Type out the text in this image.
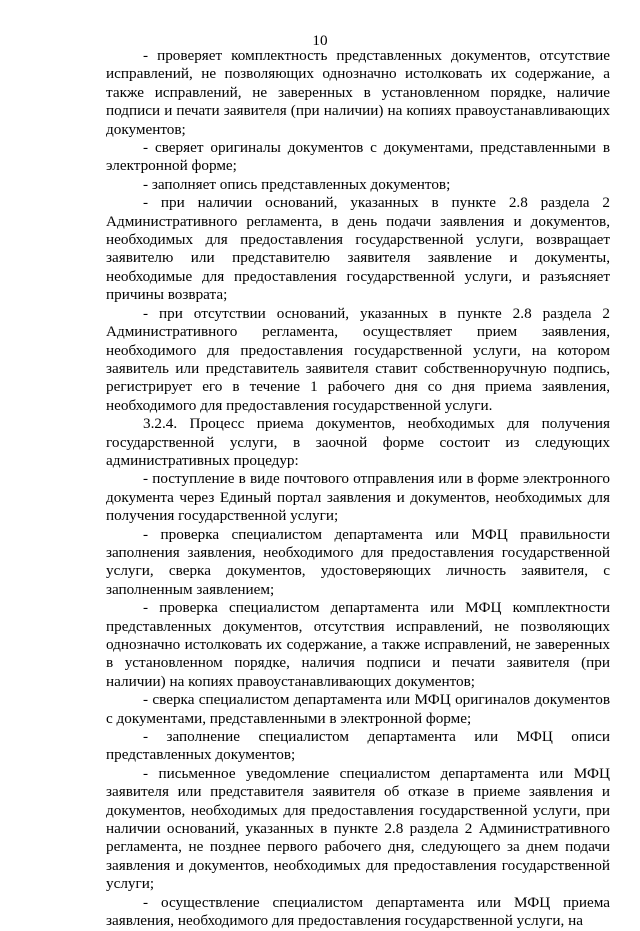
10

- проверяет комплектность представленных документов, отсутствие исправлений, не позволяющих однозначно истолковать их содержание, а также исправлений, не заверенных в установленном порядке, наличие подписи и печати заявителя (при наличии) на копиях правоустанавливающих документов;

- сверяет оригиналы документов с документами, представленными в электронной форме;

- заполняет опись представленных документов;

- при наличии оснований, указанных в пункте 2.8 раздела 2 Административного регламента, в день подачи заявления и документов, необходимых для предоставления государственной услуги, возвращает заявителю или представителю заявителя заявление и документы, необходимые для предоставления государственной услуги, и разъясняет причины возврата;

- при отсутствии оснований, указанных в пункте 2.8 раздела 2 Административного регламента, осуществляет прием заявления, необходимого для предоставления государственной услуги, на котором заявитель или представитель заявителя ставит собственноручную подпись, регистрирует его в течение 1 рабочего дня со дня приема заявления, необходимого для предоставления государственной услуги.

3.2.4. Процесс приема документов, необходимых для получения государственной услуги, в заочной форме состоит из следующих административных процедур:

- поступление в виде почтового отправления или в форме электронного документа через Единый портал заявления и документов, необходимых для получения государственной услуги;

- проверка специалистом департамента или МФЦ правильности заполнения заявления, необходимого для предоставления государственной услуги, сверка документов, удостоверяющих личность заявителя, с заполненным заявлением;

- проверка специалистом департамента или МФЦ комплектности представленных документов, отсутствия исправлений, не позволяющих однозначно истолковать их содержание, а также исправлений, не заверенных в установленном порядке, наличия подписи и печати заявителя (при наличии) на копиях правоустанавливающих документов;

- сверка специалистом департамента или МФЦ оригиналов документов с документами, представленными в электронной форме;

- заполнение специалистом департамента или МФЦ описи представленных документов;

- письменное уведомление специалистом департамента или МФЦ заявителя или представителя заявителя об отказе в приеме заявления и документов, необходимых для предоставления государственной услуги, при наличии оснований, указанных в пункте 2.8 раздела 2 Административного регламента, не позднее первого рабочего дня, следующего за днем подачи заявления и документов, необходимых для предоставления государственной услуги;

- осуществление специалистом департамента или МФЦ приема заявления, необходимого для предоставления государственной услуги, на
